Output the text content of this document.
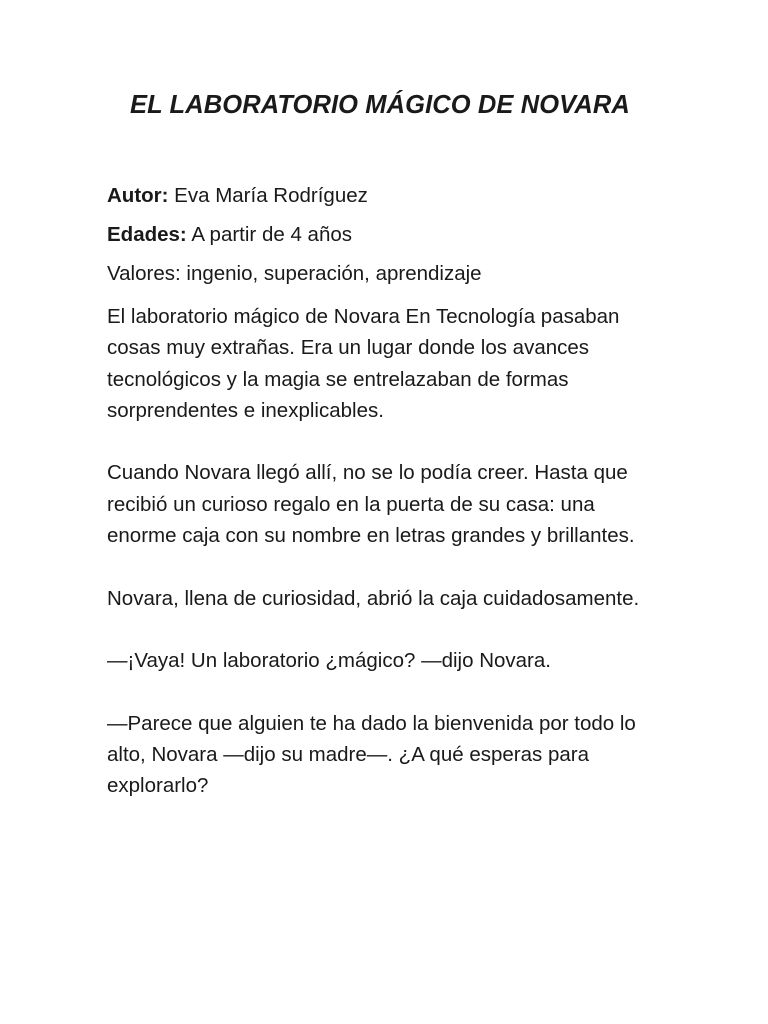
EL LABORATORIO MÁGICO DE NOVARA

Autor: Eva María Rodríguez

Edades: A partir de 4 años

Valores: ingenio, superación, aprendizaje

El laboratorio mágico de Novara En Tecnología pasaban cosas muy extrañas. Era un lugar donde los avances tecnológicos y la magia se entrelazaban de formas sorprendentes e inexplicables.

Cuando Novara llegó allí, no se lo podía creer. Hasta que recibió un curioso regalo en la puerta de su casa: una enorme caja con su nombre en letras grandes y brillantes.

Novara, llena de curiosidad, abrió la caja cuidadosamente.

—¡Vaya! Un laboratorio ¿mágico? —dijo Novara.

—Parece que alguien te ha dado la bienvenida por todo lo alto, Novara —dijo su madre—. ¿A qué esperas para explorarlo?
